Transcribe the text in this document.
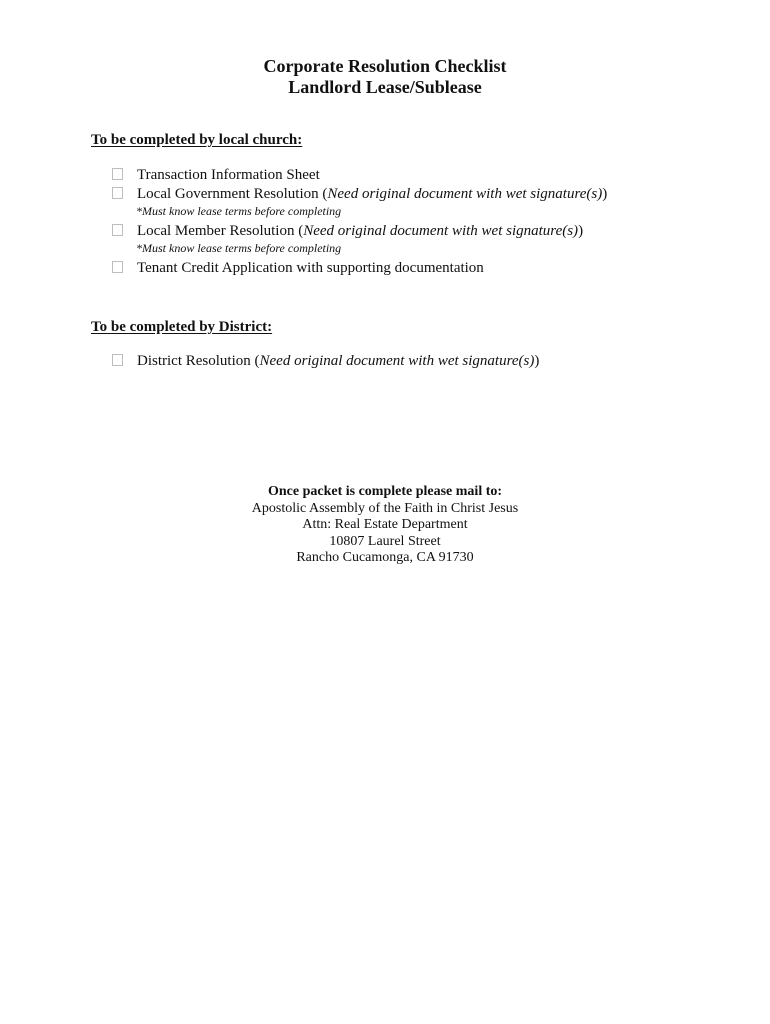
Corporate Resolution Checklist
Landlord Lease/Sublease
To be completed by local church:
Transaction Information Sheet
Local Government Resolution (Need original document with wet signature(s))
*Must know lease terms before completing
Local Member Resolution (Need original document with wet signature(s))
*Must know lease terms before completing
Tenant Credit Application with supporting documentation
To be completed by District:
District Resolution (Need original document with wet signature(s))
Once packet is complete please mail to:
Apostolic Assembly of the Faith in Christ Jesus
Attn: Real Estate Department
10807 Laurel Street
Rancho Cucamonga, CA 91730
